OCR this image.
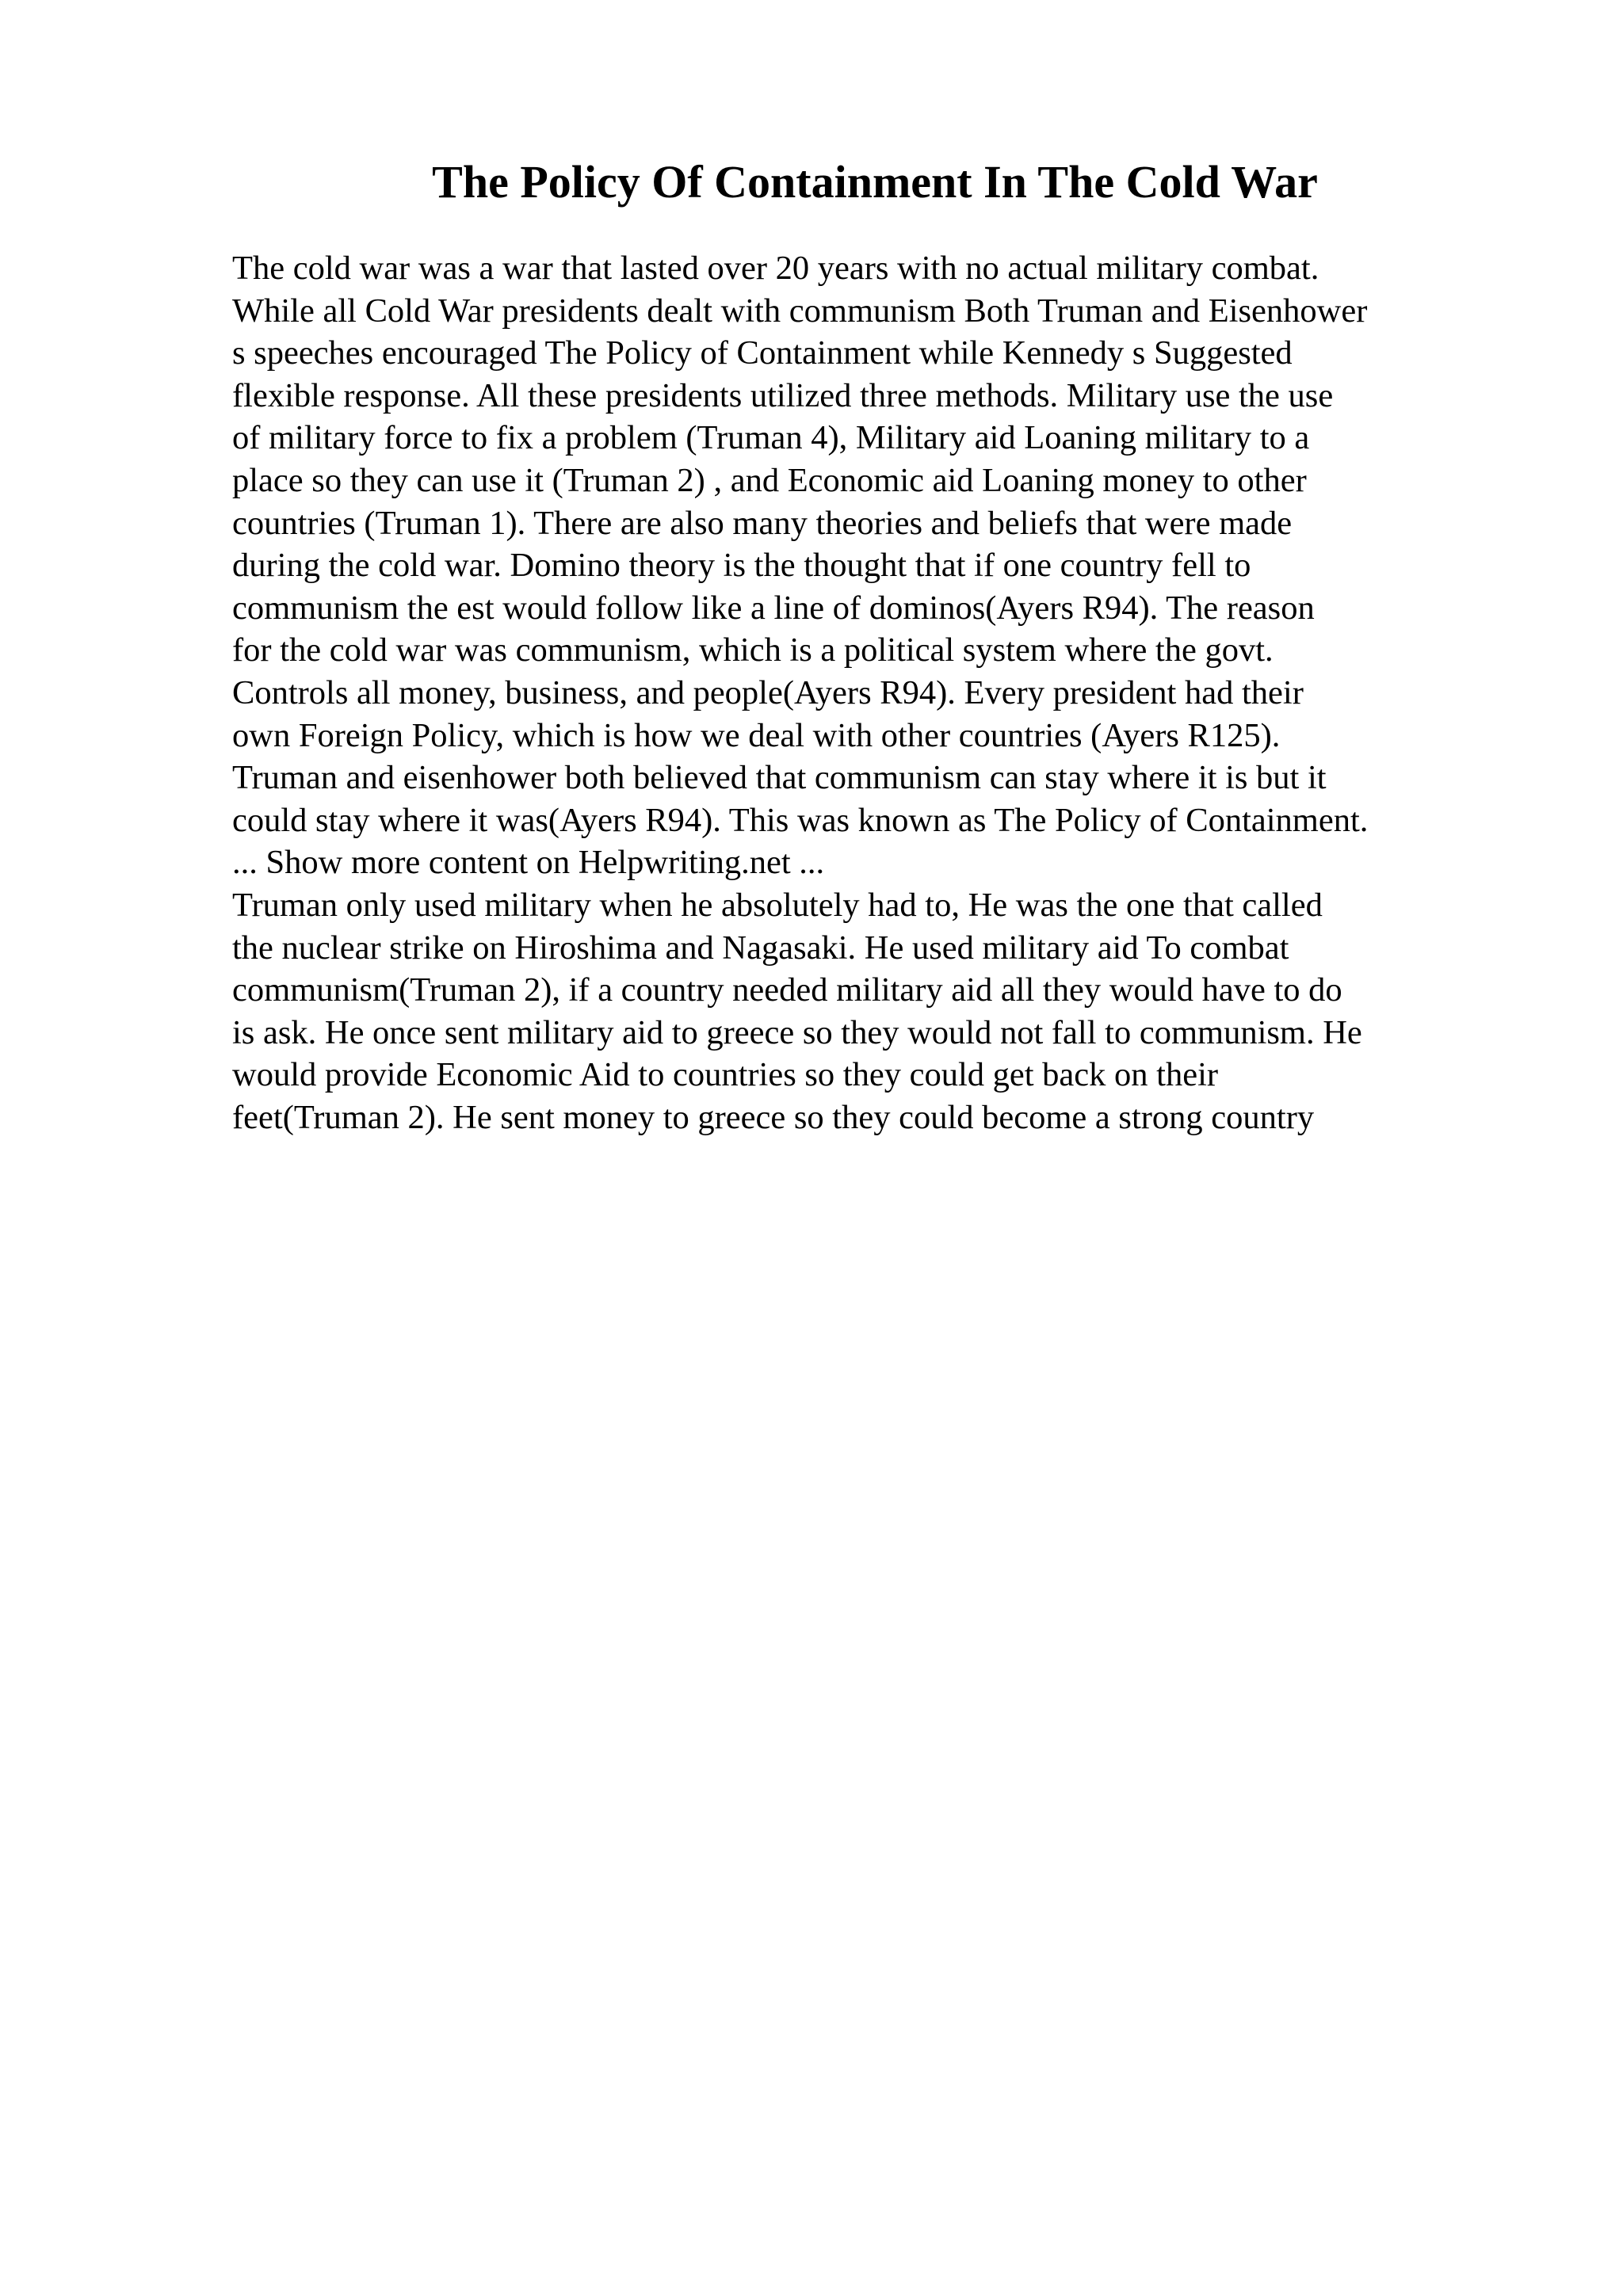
The Policy Of Containment In The Cold War
The cold war was a war that lasted over 20 years with no actual military combat.
While all Cold War presidents dealt with communism Both Truman and Eisenhower
s speeches encouraged The Policy of Containment while Kennedy s Suggested
flexible response. All these presidents utilized three methods. Military use the use
of military force to fix a problem (Truman 4), Military aid Loaning military to a
place so they can use it (Truman 2) , and Economic aid Loaning money to other
countries (Truman 1). There are also many theories and beliefs that were made
during the cold war. Domino theory is the thought that if one country fell to
communism the est would follow like a line of dominos(Ayers R94). The reason
for the cold war was communism, which is a political system where the govt.
Controls all money, business, and people(Ayers R94). Every president had their
own Foreign Policy, which is how we deal with other countries (Ayers R125).
Truman and eisenhower both believed that communism can stay where it is but it
could stay where it was(Ayers R94). This was known as The Policy of Containment.
... Show more content on Helpwriting.net ...
Truman only used military when he absolutely had to, He was the one that called
the nuclear strike on Hiroshima and Nagasaki. He used military aid To combat
communism(Truman 2), if a country needed military aid all they would have to do
is ask. He once sent military aid to greece so they would not fall to communism. He
would provide Economic Aid to countries so they could get back on their
feet(Truman 2). He sent money to greece so they could become a strong country
